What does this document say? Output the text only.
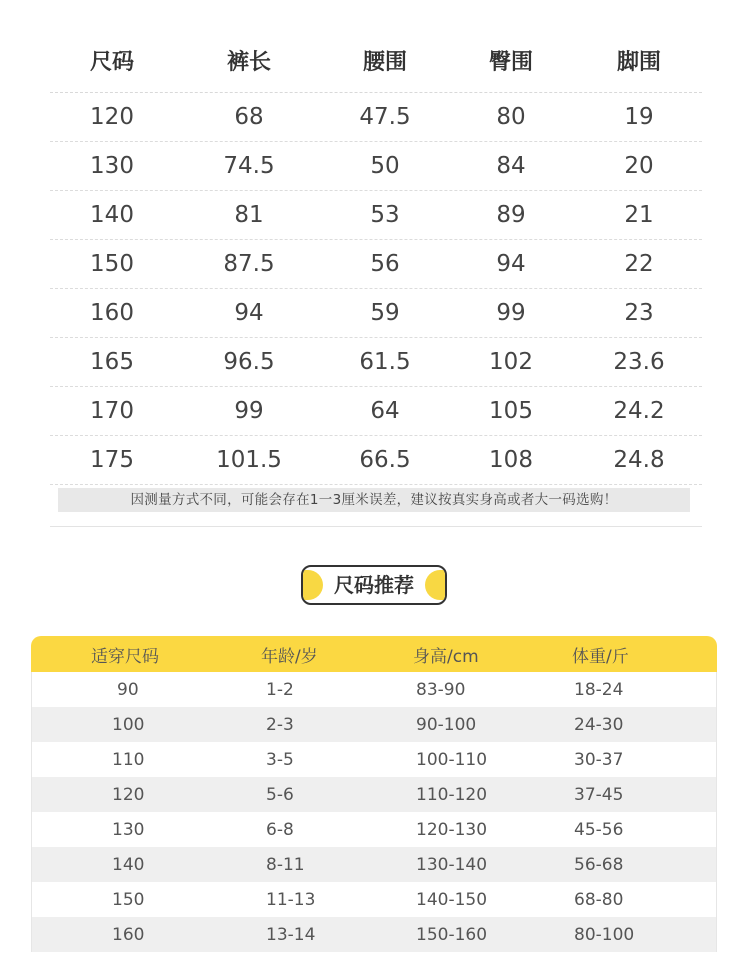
尺码	裤长	腰围	臀围	脚围
120	68	47.5	80	19
130	74.5	50	84	20
140	81	53	89	21
150	87.5	56	94	22
160	94	59	99	23
165	96.5	61.5	102	23.6
170	99	64	105	24.2
175	101.5	66.5	108	24.8
因测量方式不同，可能会存在1一3厘米误差，建议按真实身高或者大一码选购！
尺码推荐
适穿尺码	年龄/岁	身高/cm	体重/斤
90	1-2	83-90	18-24
100	2-3	90-100	24-30
110	3-5	100-110	30-37
120	5-6	110-120	37-45
130	6-8	120-130	45-56
140	8-11	130-140	56-68
150	11-13	140-150	68-80
160	13-14	150-160	80-100
